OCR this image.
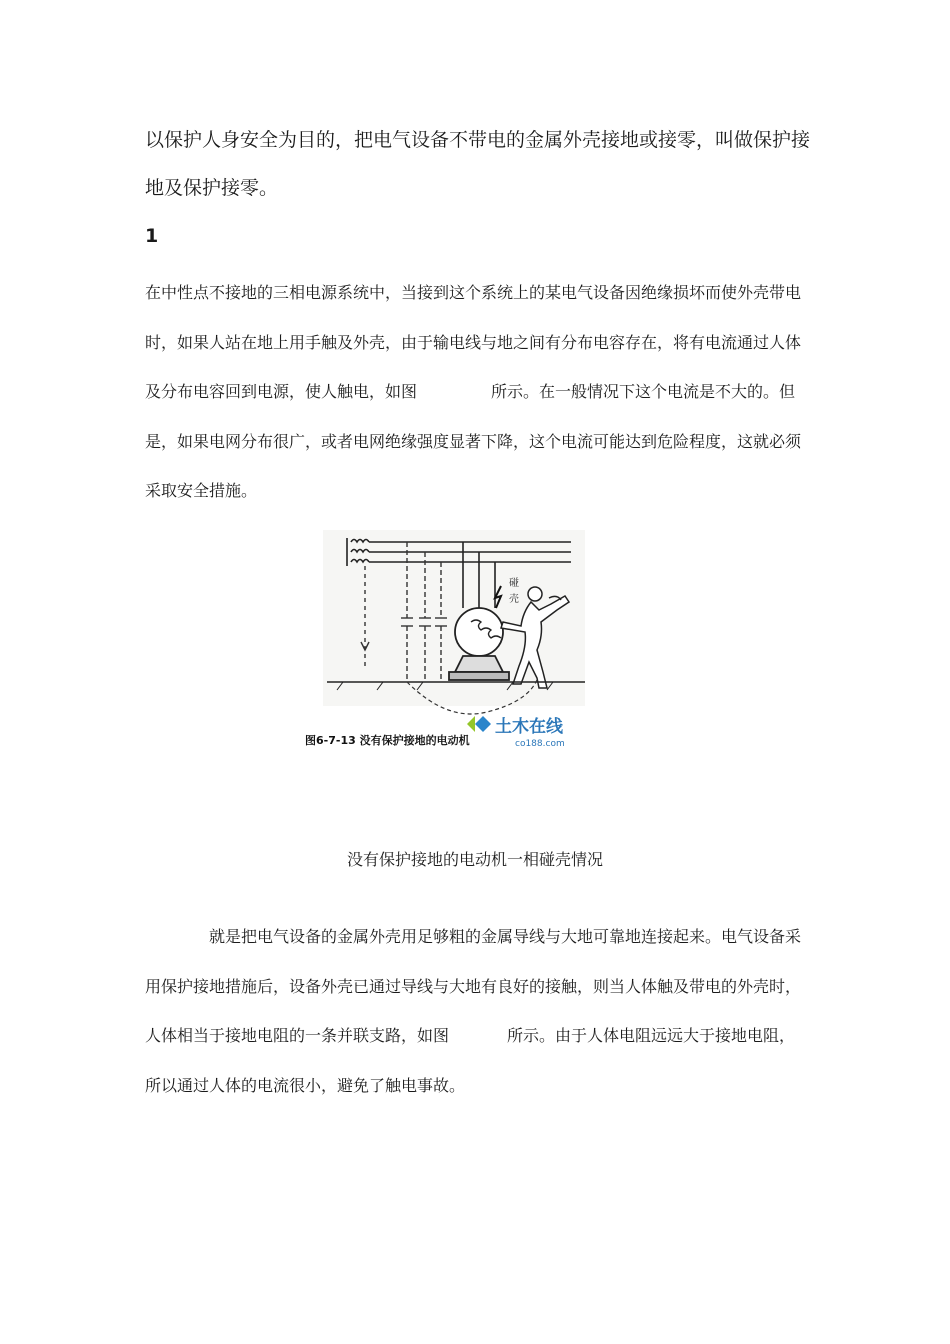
以保护人身安全为目的，把电气设备不带电的金属外壳接地或接零，叫做保护接地及保护接零。

1

在中性点不接地的三相电源系统中，当接到这个系统上的某电气设备因绝缘损坏而使外壳带电时，如果人站在地上用手触及外壳，由于输电线与地之间有分布电容存在，将有电流通过人体及分布电容回到电源，使人触电，如图	所示。在一般情况下这个电流是不大的。但是，如果电网分布很广，或者电网绝缘强度显著下降，这个电流可能达到危险程度，这就必须采取安全措施。

碰
壳
图6-7-13 没有保护接地的电动机
土木在线
co188.com
没有保护接地的电动机一相碰壳情况

就是把电气设备的金属外壳用足够粗的金属导线与大地可靠地连接起来。电气设备采用保护接地措施后，设备外壳已通过导线与大地有良好的接触，则当人体触及带电的外壳时，人体相当于接地电阻的一条并联支路，如图	所示。由于人体电阻远远大于接地电阻，所以通过人体的电流很小，避免了触电事故。
